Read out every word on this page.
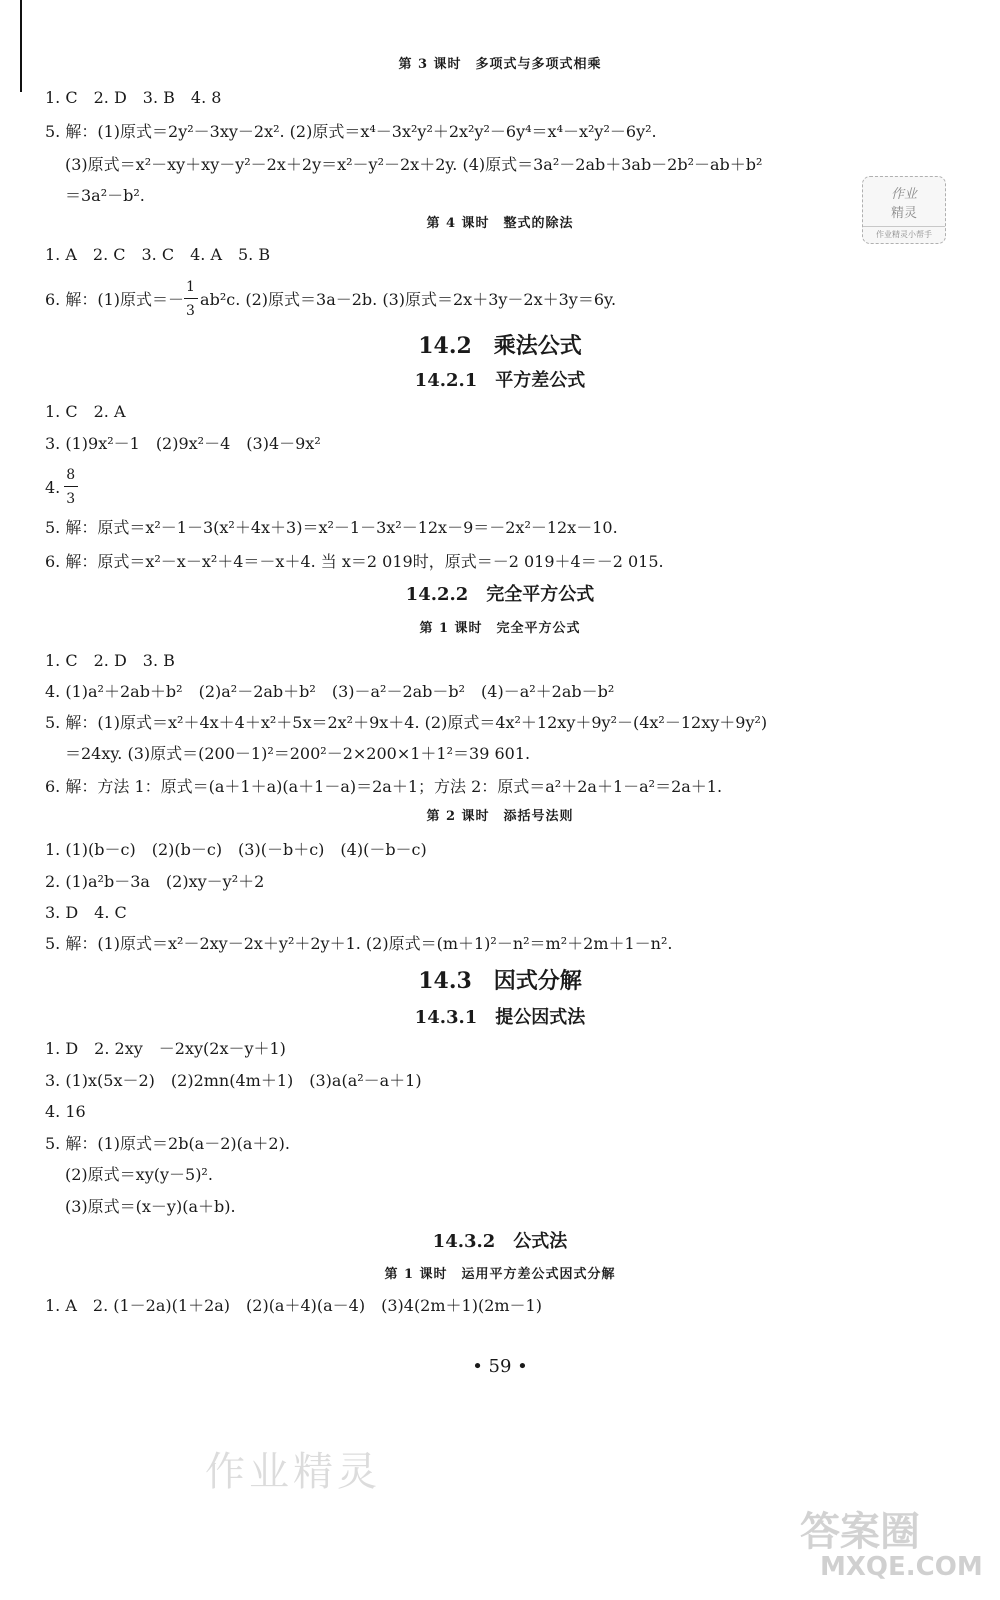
第 3 课时　多项式与多项式相乘
1. C　2. D　3. B　4. 8
5. 解：(1)原式＝2y²－3xy－2x². (2)原式＝x⁴－3x²y²＋2x²y²－6y⁴＝x⁴－x²y²－6y².
(3)原式＝x²－xy＋xy－y²－2x＋2y＝x²－y²－2x＋2y. (4)原式＝3a²－2ab＋3ab－2b²－ab＋b²
＝3a²－b².	作业
精灵
作业精灵小帮手
第 4 课时　整式的除法
1. A　2. C　3. C　4. A　5. B
6. 解：(1)原式＝－ $\frac{1}{3} ab^2c$. (2)原式＝3a－2b. (3)原式＝2x＋3y－2x＋3y＝6y.
14.2　乘法公式
14.2.1　平方差公式
1. C　2. A
3. (1)9x²－1　(2)9x²－4　(3)4－9x²
4. $\frac{8}{3}$
5. 解：原式＝x²－1－3(x²＋4x＋3)＝x²－1－3x²－12x－9＝－2x²－12x－10.
6. 解：原式＝x²－x－x²＋4＝－x＋4. 当 x＝2 019时，原式＝－2 019＋4＝－2 015.
14.2.2　完全平方公式
第 1 课时　完全平方公式
1. C　2. D　3. B
4. (1)a²＋2ab＋b²　(2)a²－2ab＋b²　(3)－a²－2ab－b²　(4)－a²＋2ab－b²
5. 解：(1)原式＝x²＋4x＋4＋x²＋5x＝2x²＋9x＋4. (2)原式＝4x²＋12xy＋9y²－(4x²－12xy＋9y²)
＝24xy. (3)原式＝(200－1)²＝200²－2×200×1＋1²＝39 601.
6. 解：方法 1：原式＝(a＋1＋a)(a＋1－a)＝2a＋1；方法 2：原式＝a²＋2a＋1－a²＝2a＋1.
第 2 课时　添括号法则
1. (1)(b－c)　(2)(b－c)　(3)(－b＋c)　(4)(－b－c)
2. (1)a²b－3a　(2)xy－y²＋2
3. D　4. C
5. 解：(1)原式＝x²－2xy－2x＋y²＋2y＋1. (2)原式＝(m＋1)²－n²＝m²＋2m＋1－n².
14.3　因式分解
14.3.1　提公因式法
1. D　2. 2xy　－2xy(2x－y＋1)
3. (1)x(5x－2)　(2)2mn(4m＋1)　(3)a(a²－a＋1)
4. 16
5. 解：(1)原式＝2b(a－2)(a＋2).
(2)原式＝xy(y－5)².
(3)原式＝(x－y)(a＋b).
14.3.2　公式法
第 1 课时　运用平方差公式因式分解
1. A　2. (1－2a)(1＋2a)　(2)(a＋4)(a－4)　(3)4(2m＋1)(2m－1)
• 59 •
作业精灵
答案圈
MXQE.COM
